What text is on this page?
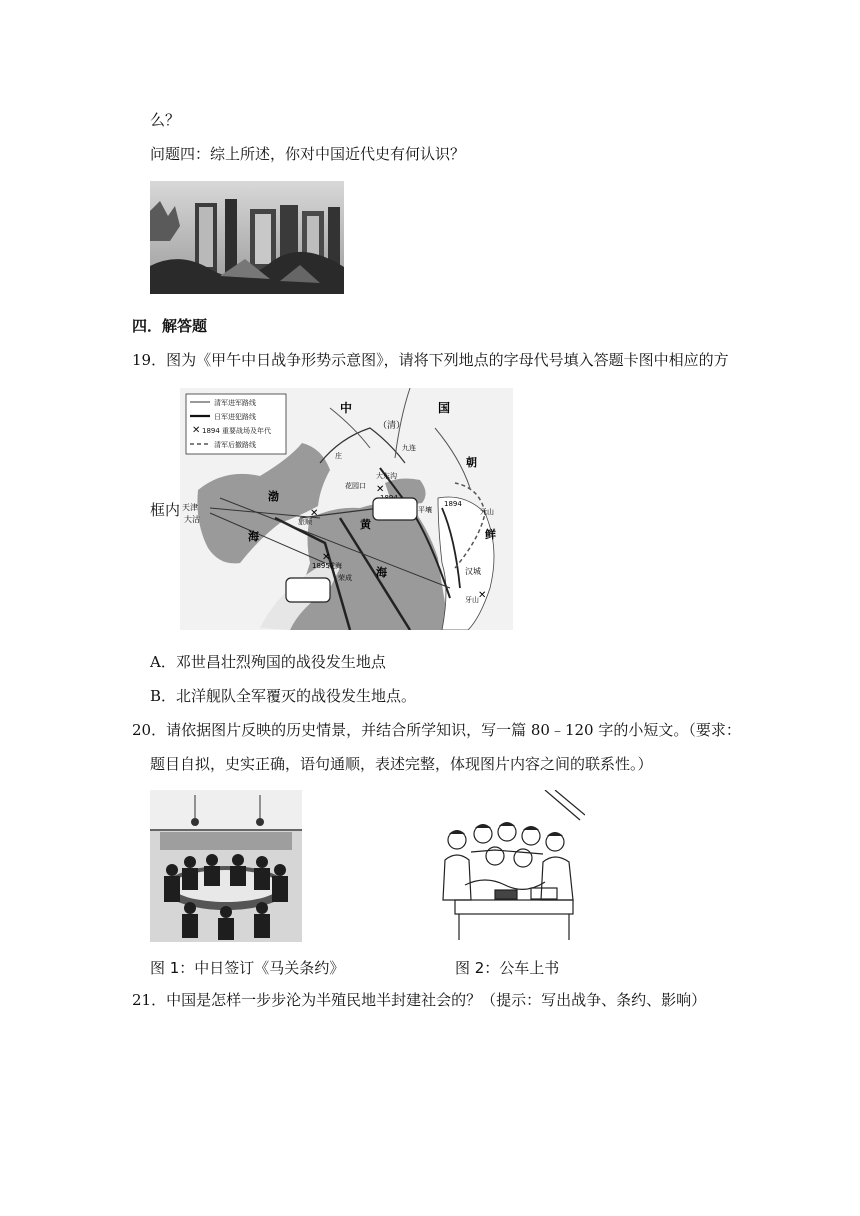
么？
问题四：综上所述，你对中国近代史有何认识？
四．解答题
19．图为《甲午中日战争形势示意图》，请将下列地点的字母代号填入答题卡图中相应的方
框内
✕
清军进军路线
日军进犯路线
1894 重要战场及年代
清军后撤路线
中	国
（清）
朝
鲜
渤
海
黄
海
天津
大沽	旅顺
威海
荣成
花园口
大东沟
九连
庄
平壤	元山
汉城
牙山
1894
1895
✕
✕
✕
✕
A．邓世昌壮烈殉国的战役发生地点
B．北洋舰队全军覆灭的战役发生地点。
20．请依据图片反映的历史情景，并结合所学知识，写一篇 80﹣120 字的小短文。（要求：
题目自拟，史实正确，语句通顺，表述完整，体现图片内容之间的联系性。）
图 1：中日签订《马关条约》	图 2：公车上书
21．中国是怎样一步步沦为半殖民地半封建社会的？（提示：写出战争、条约、影响）
